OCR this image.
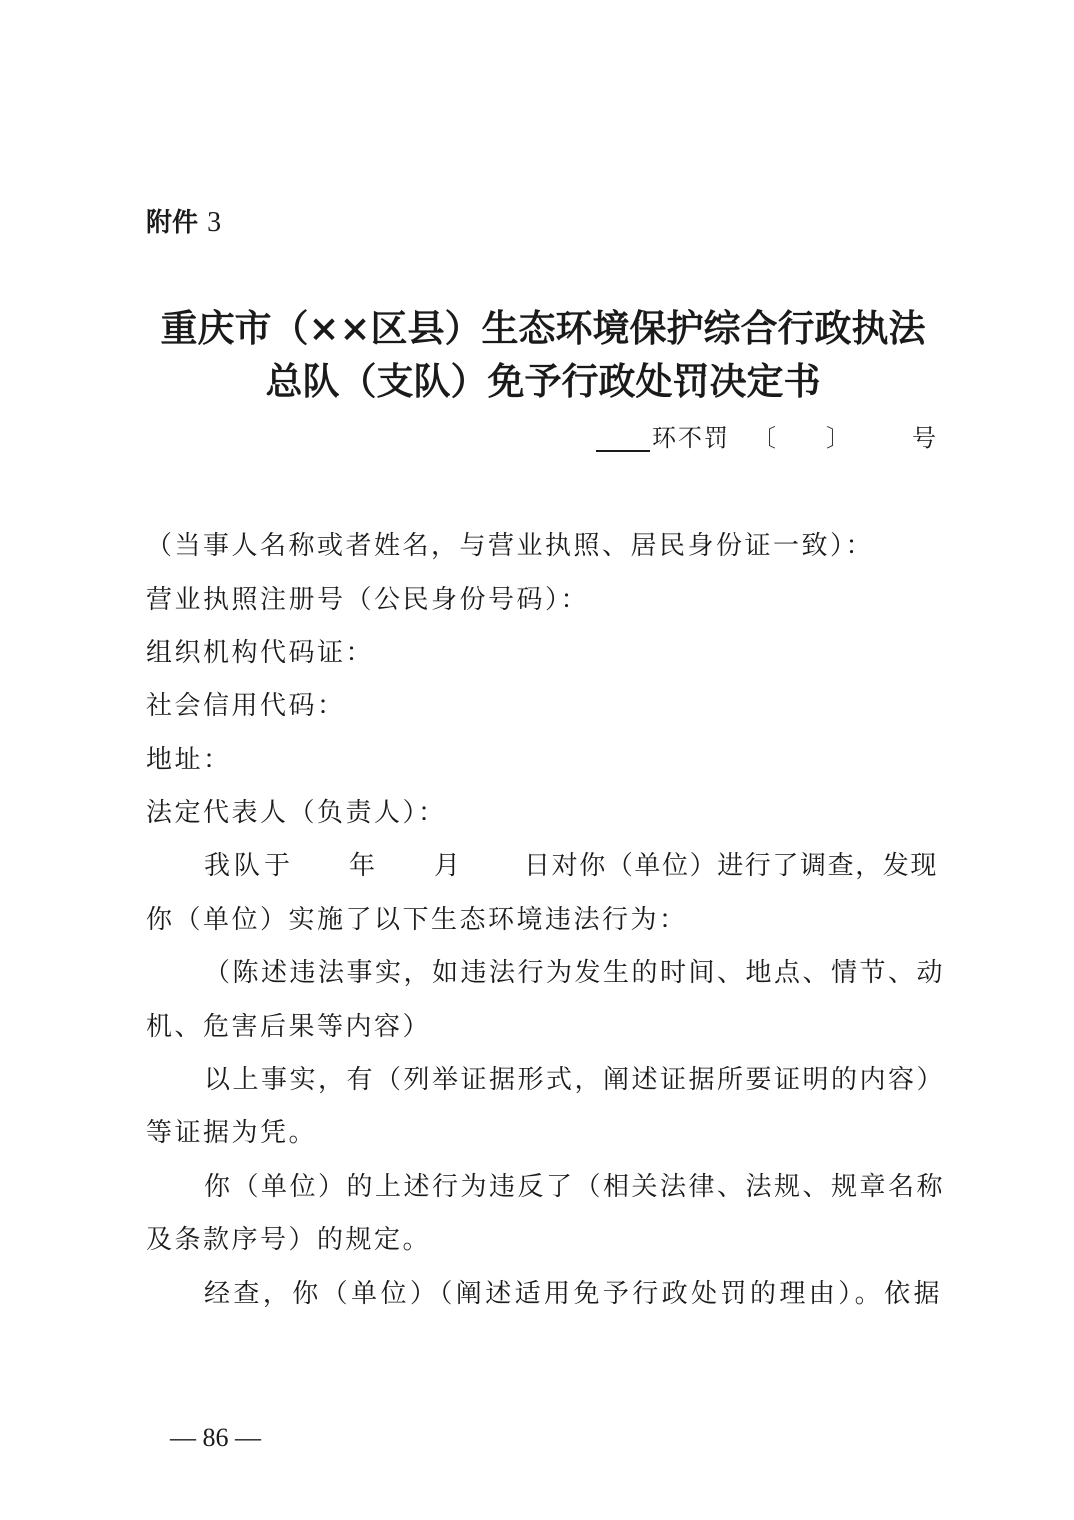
附件 3
重庆市（××区县）生态环境保护综合行政执法
总队（支队）免予行政处罚决定书
环不罚 〔 〕	号
（当事人名称或者姓名，与营业执照、居民身份证一致）：
营业执照注册号（公民身份号码）：
组织机构代码证：
社会信用代码：
地址：
法定代表人（负责人）：
我队于 年 月 日对你（单位）进行了调查，发现
你（单位）实施了以下生态环境违法行为：
（陈述违法事实，如违法行为发生的时间、地点、情节、动
机、危害后果等内容）
以上事实，有（列举证据形式，阐述证据所要证明的内容）
等证据为凭。
你（单位）的上述行为违反了（相关法律、法规、规章名称
及条款序号）的规定。
经查，你（单位）（阐述适用免予行政处罚的理由）。依据
— 86 —
